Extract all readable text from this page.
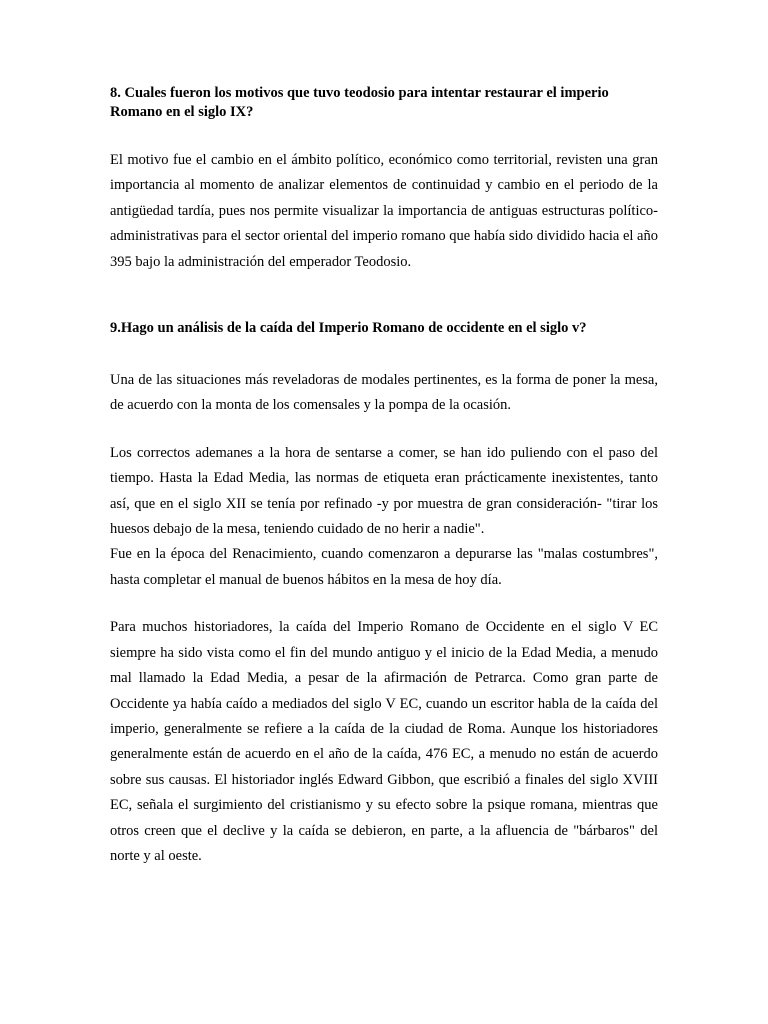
8. Cuales fueron los motivos que tuvo teodosio para intentar restaurar el imperio Romano en el siglo IX?

El motivo fue el cambio en el ámbito político, económico como territorial, revisten una gran importancia al momento de analizar elementos de continuidad y cambio en el periodo de la antigüedad tardía, pues nos permite visualizar la importancia de antiguas estructuras político-administrativas para el sector oriental del imperio romano que había sido dividido hacia el año 395 bajo la administración del emperador Teodosio.

9.Hago un análisis de la caída del Imperio Romano de occidente en el siglo v?

Una de las situaciones más reveladoras de modales pertinentes, es la forma de poner la mesa, de acuerdo con la monta de los comensales y la pompa de la ocasión.

Los correctos ademanes a la hora de sentarse a comer, se han ido puliendo con el paso del tiempo. Hasta la Edad Media, las normas de etiqueta eran prácticamente inexistentes, tanto así, que en el siglo XII se tenía por refinado -y por muestra de gran consideración- "tirar los huesos debajo de la mesa, teniendo cuidado de no herir a nadie".

Fue en la época del Renacimiento, cuando comenzaron a depurarse las "malas costumbres", hasta completar el manual de buenos hábitos en la mesa de hoy día.

Para muchos historiadores, la caída del Imperio Romano de Occidente en el siglo V EC siempre ha sido vista como el fin del mundo antiguo y el inicio de la Edad Media, a menudo mal llamado la Edad Media, a pesar de la afirmación de Petrarca. Como gran parte de Occidente ya había caído a mediados del siglo V EC, cuando un escritor habla de la caída del imperio, generalmente se refiere a la caída de la ciudad de Roma. Aunque los historiadores generalmente están de acuerdo en el año de la caída, 476 EC, a menudo no están de acuerdo sobre sus causas. El historiador inglés Edward Gibbon, que escribió a finales del siglo XVIII EC, señala el surgimiento del cristianismo y su efecto sobre la psique romana, mientras que otros creen que el declive y la caída se debieron, en parte, a la afluencia de "bárbaros" del norte y al oeste.
